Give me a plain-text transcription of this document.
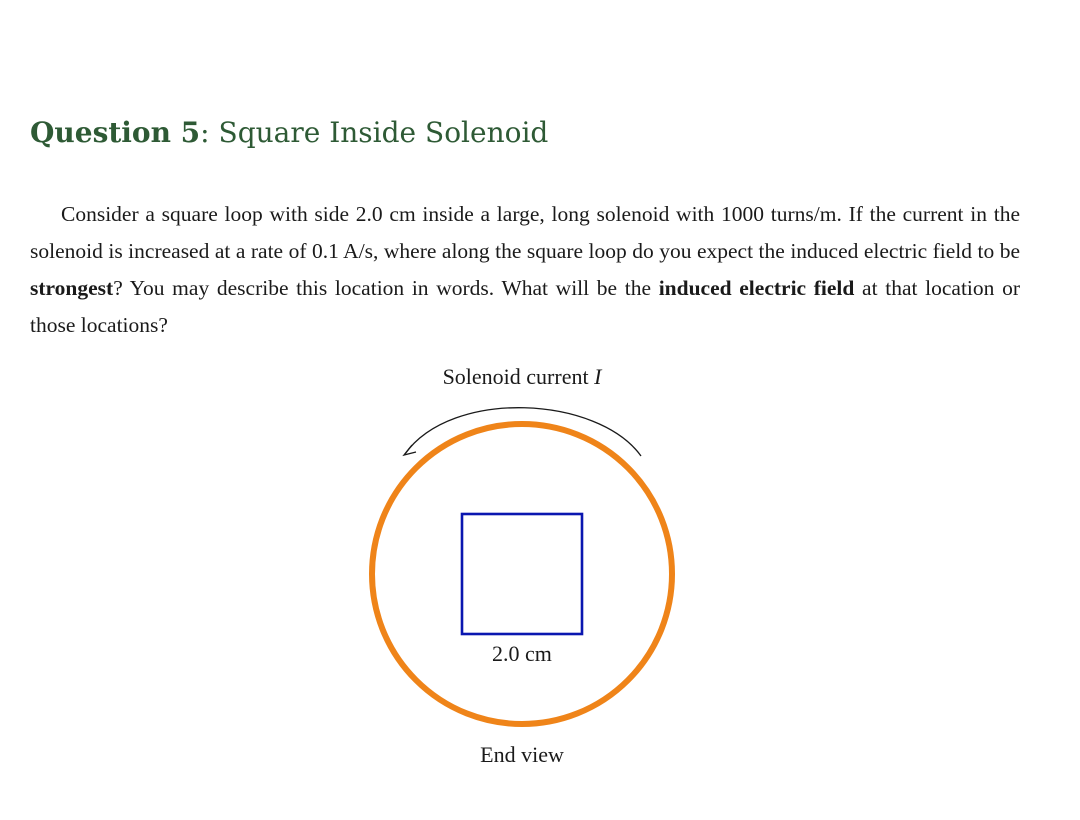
Question 5: Square Inside Solenoid
Consider a square loop with side 2.0 cm inside a large, long solenoid with 1000 turns/m. If the current in the solenoid is increased at a rate of 0.1 A/s, where along the square loop do you expect the induced electric field to be strongest? You may describe this location in words. What will be the induced electric field at that location or those locations?
Solenoid current I
2.0 cm
End view
